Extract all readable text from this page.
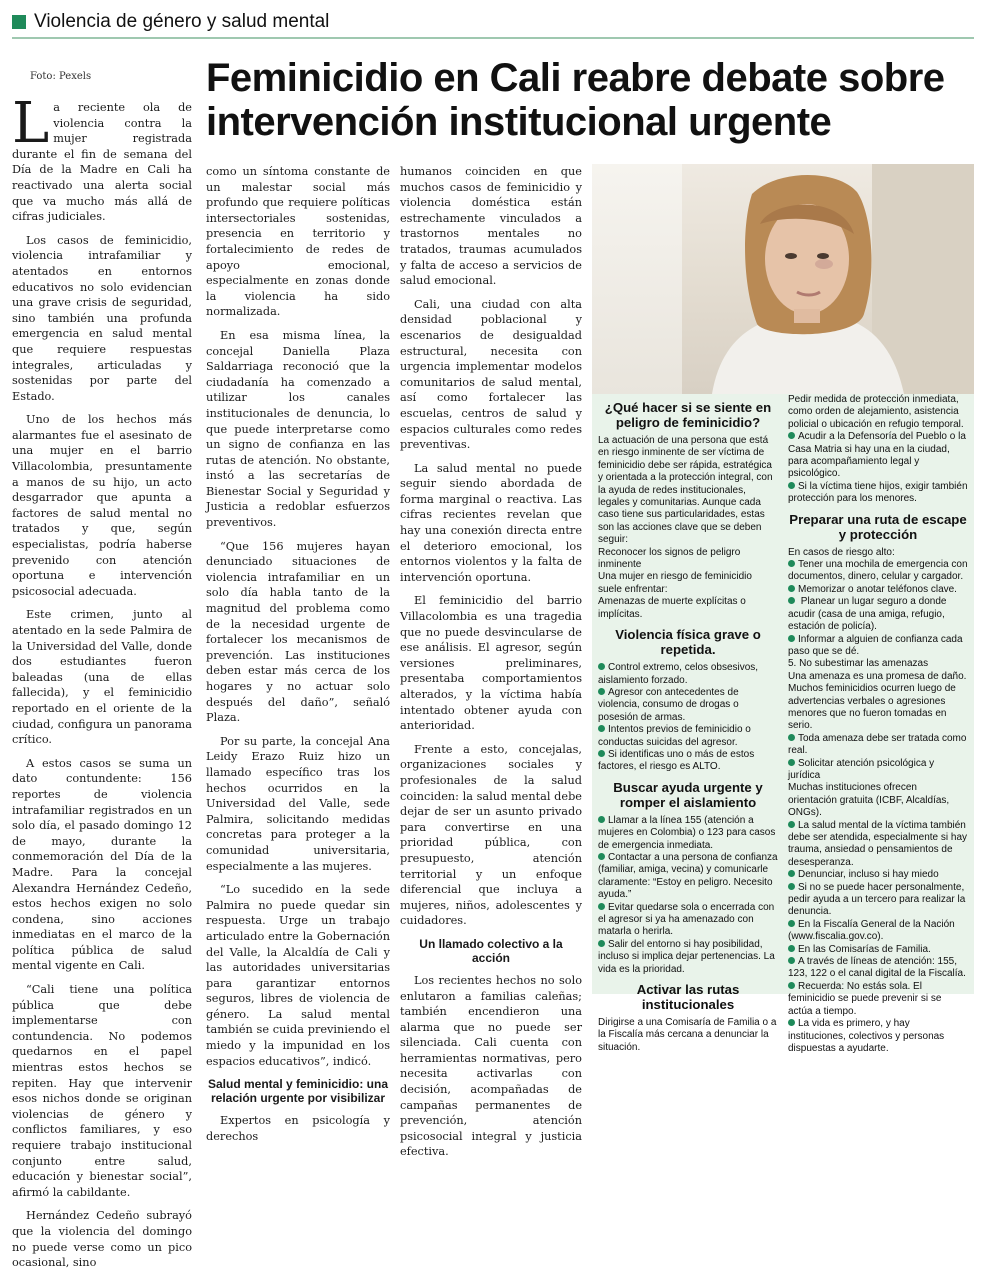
Violencia de género y salud mental
Foto: Pexels	Feminicidio en Cali reabre debate sobre intervención institucional urgente

La reciente ola de violencia contra la mujer registrada durante el fin de semana del Día de la Madre en Cali ha reactivado una alerta social que va mucho más allá de cifras judiciales.

Los casos de feminicidio, violencia intrafamiliar y atentados en entornos educativos no solo evidencian una grave crisis de seguridad, sino también una profunda emergencia en salud mental que requiere respuestas integrales, articuladas y sostenidas por parte del Estado.

Uno de los hechos más alarmantes fue el asesinato de una mujer en el barrio Villacolombia, presuntamente a manos de su hijo, un acto desgarrador que apunta a factores de salud mental no tratados y que, según especialistas, podría haberse prevenido con atención oportuna e intervención psicosocial adecuada.

Este crimen, junto al atentado en la sede Palmira de la Universidad del Valle, donde dos estudiantes fueron baleadas (una de ellas fallecida), y el feminicidio reportado en el oriente de la ciudad, configura un panorama crítico.

A estos casos se suma un dato contundente: 156 reportes de violencia intrafamiliar registrados en un solo día, el pasado domingo 12 de mayo, durante la conmemoración del Día de la Madre. Para la concejal Alexandra Hernández Cedeño, estos hechos exigen no solo condena, sino acciones inmediatas en el marco de la política pública de salud mental vigente en Cali.

“Cali tiene una política pública que debe implementarse con contundencia. No podemos quedarnos en el papel mientras estos hechos se repiten. Hay que intervenir esos nichos donde se originan violencias de género y conflictos familiares, y eso requiere trabajo institucional conjunto entre salud, educación y bienestar social”, afirmó la cabildante.

Hernández Cedeño subrayó que la violencia del domingo no puede verse como un pico ocasional, sino

como un síntoma constante de un malestar social más profundo que requiere políticas intersectoriales sostenidas, presencia en territorio y fortalecimiento de redes de apoyo emocional, especialmente en zonas donde la violencia ha sido normalizada.

En esa misma línea, la concejal Daniella Plaza Saldarriaga reconoció que la ciudadanía ha comenzado a utilizar los canales institucionales de denuncia, lo que puede interpretarse como un signo de confianza en las rutas de atención. No obstante, instó a las secretarías de Bienestar Social y Seguridad y Justicia a redoblar esfuerzos preventivos.

“Que 156 mujeres hayan denunciado situaciones de violencia intrafamiliar en un solo día habla tanto de la magnitud del problema como de la necesidad urgente de fortalecer los mecanismos de prevención. Las instituciones deben estar más cerca de los hogares y no actuar solo después del daño”, señaló Plaza.

Por su parte, la concejal Ana Leidy Erazo Ruiz hizo un llamado específico tras los hechos ocurridos en la Universidad del Valle, sede Palmira, solicitando medidas concretas para proteger a la comunidad universitaria, especialmente a las mujeres.

“Lo sucedido en la sede Palmira no puede quedar sin respuesta. Urge un trabajo articulado entre la Gobernación del Valle, la Alcaldía de Cali y las autoridades universitarias para garantizar entornos seguros, libres de violencia de género. La salud mental también se cuida previniendo el miedo y la impunidad en los espacios educativos”, indicó.

Salud mental y feminicidio: una relación urgente por visibilizar

Expertos en psicología y derechos

humanos coinciden en que muchos casos de feminicidio y violencia doméstica están estrechamente vinculados a trastornos mentales no tratados, traumas acumulados y falta de acceso a servicios de salud emocional.

Cali, una ciudad con alta densidad poblacional y escenarios de desigualdad estructural, necesita con urgencia implementar modelos comunitarios de salud mental, así como fortalecer las escuelas, centros de salud y espacios culturales como redes preventivas.

La salud mental no puede seguir siendo abordada de forma marginal o reactiva. Las cifras recientes revelan que hay una conexión directa entre el deterioro emocional, los entornos violentos y la falta de intervención oportuna.

El feminicidio del barrio Villacolombia es una tragedia que no puede desvincularse de ese análisis. El agresor, según versiones preliminares, presentaba comportamientos alterados, y la víctima había intentado obtener ayuda con anterioridad.

Frente a esto, concejalas, organizaciones sociales y profesionales de la salud coinciden: la salud mental debe dejar de ser un asunto privado para convertirse en una prioridad pública, con presupuesto, atención territorial y un enfoque diferencial que incluya a mujeres, niños, adolescentes y cuidadores.

Un llamado colectivo a la acción

Los recientes hechos no solo enlutaron a familias caleñas; también encendieron una alarma que no puede ser silenciada. Cali cuenta con herramientas normativas, pero necesita activarlas con decisión, acompañadas de campañas permanentes de prevención, atención psicosocial integral y justicia efectiva.

¿Qué hacer si se siente en peligro de feminicidio?

La actuación de una persona que está en riesgo inminente de ser víctima de feminicidio debe ser rápida, estratégica y orientada a la protección integral, con la ayuda de redes institucionales, legales y comunitarias. Aunque cada caso tiene sus particularidades, estas son las acciones clave que se deben seguir:

Reconocer los signos de peligro inminente

Una mujer en riesgo de feminicidio suele enfrentar:

Amenazas de muerte explícitas o implícitas.

Violencia física grave o repetida.

Control extremo, celos obsesivos, aislamiento forzado.

Agresor con antecedentes de violencia, consumo de drogas o posesión de armas.

Intentos previos de feminicidio o conductas suicidas del agresor.

Si identificas uno o más de estos factores, el riesgo es ALTO.

Buscar ayuda urgente y romper el aislamiento

Llamar a la línea 155 (atención a mujeres en Colombia) o 123 para casos de emergencia inmediata.

Contactar a una persona de confianza (familiar, amiga, vecina) y comunicarle claramente: “Estoy en peligro. Necesito ayuda.”

Evitar quedarse sola o encerrada con el agresor si ya ha amenazado con matarla o herirla.

Salir del entorno si hay posibilidad, incluso si implica dejar pertenencias. La vida es la prioridad.

Activar las rutas institucionales

Dirigirse a una Comisaría de Familia o a la Fiscalía más cercana a denunciar la situación.

Pedir medida de protección inmediata, como orden de alejamiento, asistencia policial o ubicación en refugio temporal.

Acudir a la Defensoría del Pueblo o la Casa Matria si hay una en la ciudad, para acompañamiento legal y psicológico.

Si la víctima tiene hijos, exigir también protección para los menores.

Preparar una ruta de escape y protección

En casos de riesgo alto:

Tener una mochila de emergencia con documentos, dinero, celular y cargador.

Memorizar o anotar teléfonos clave.

Planear un lugar seguro a donde acudir (casa de una amiga, refugio, estación de policía).

Informar a alguien de confianza cada paso que se dé.

5. No subestimar las amenazas

Una amenaza es una promesa de daño. Muchos feminicidios ocurren luego de advertencias verbales o agresiones menores que no fueron tomadas en serio.

Toda amenaza debe ser tratada como real.

Solicitar atención psicológica y jurídica

Muchas instituciones ofrecen orientación gratuita (ICBF, Alcaldías, ONGs).

La salud mental de la víctima también debe ser atendida, especialmente si hay trauma, ansiedad o pensamientos de desesperanza.

Denunciar, incluso si hay miedo

Si no se puede hacer personalmente, pedir ayuda a un tercero para realizar la denuncia.

En la Fiscalía General de la Nación (www.fiscalia.gov.co).

En las Comisarías de Familia.

A través de líneas de atención: 155, 123, 122 o el canal digital de la Fiscalía.

Recuerda: No estás sola. El feminicidio se puede prevenir si se actúa a tiempo.

La vida es primero, y hay instituciones, colectivos y personas dispuestas a ayudarte.
